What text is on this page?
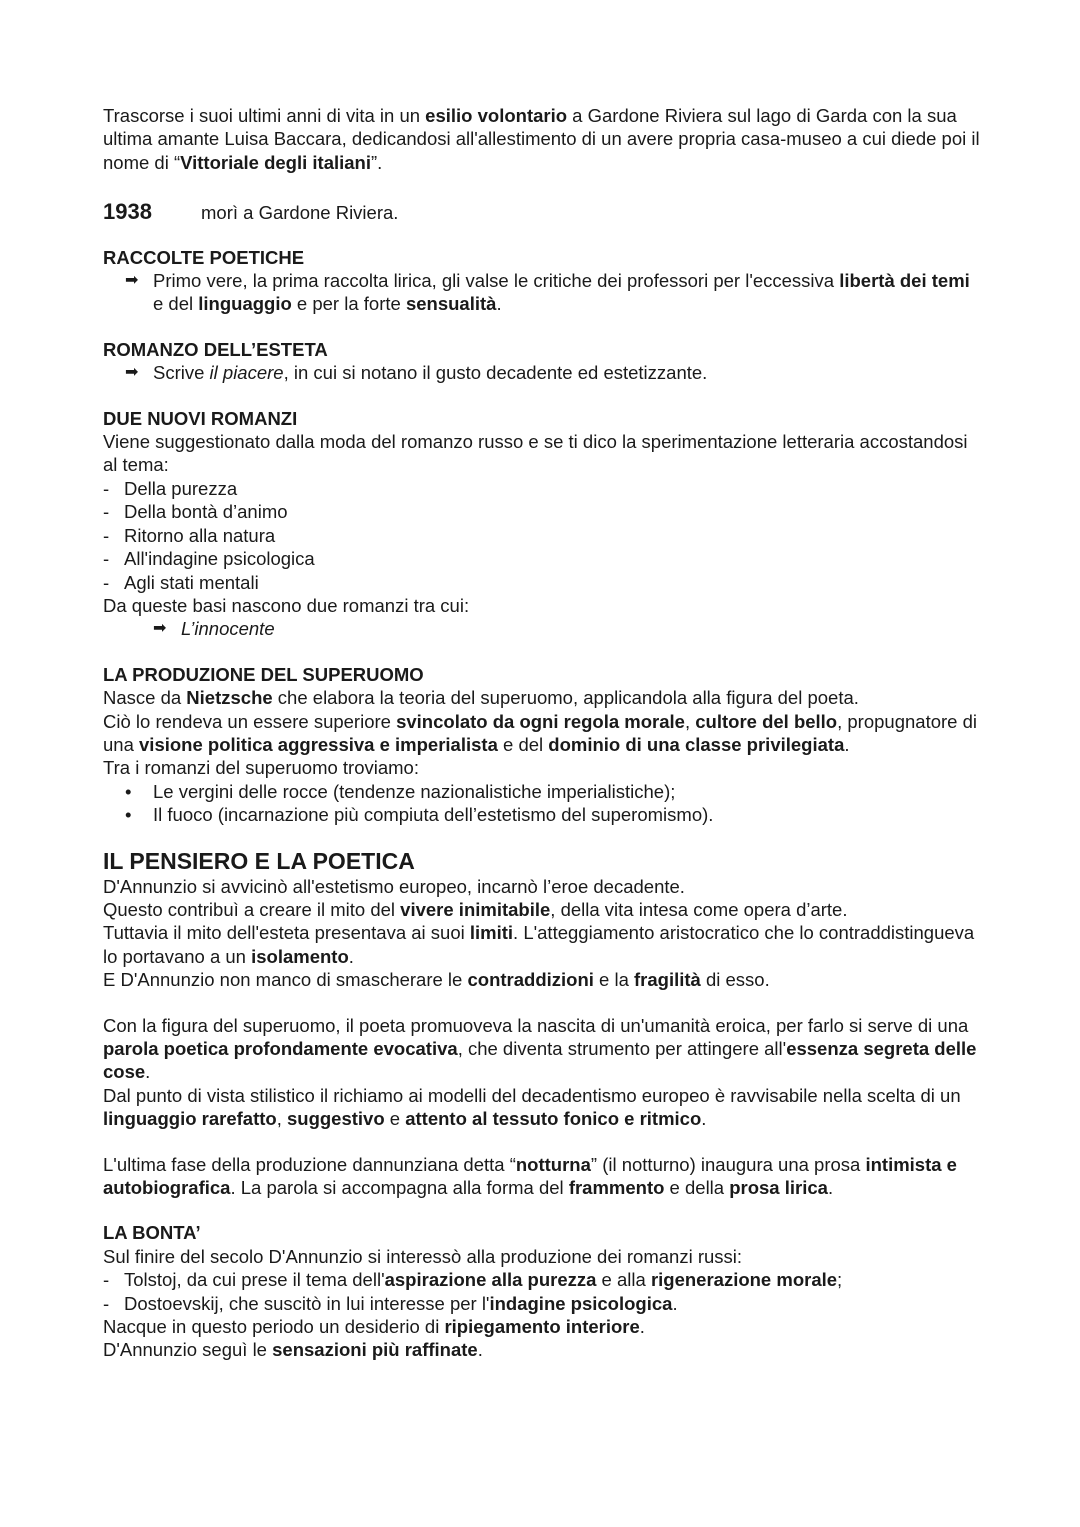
Trascorse i suoi ultimi anni di vita in un esilio volontario a Gardone Riviera sul lago di Garda con la sua ultima amante Luisa Baccara, dedicandosi all'allestimento di un avere propria casa-museo a cui diede poi il nome di “Vittoriale degli italiani”.

1938	morì a Gardone Riviera.

RACCOLTE POETICHE

➡ Primo vere, la prima raccolta lirica, gli valse le critiche dei professori per l'eccessiva libertà dei temi e del linguaggio e per la forte sensualità.

ROMANZO DELL’ESTETA

➡ Scrive il piacere, in cui si notano il gusto decadente ed estetizzante.

DUE NUOVI ROMANZI

Viene suggestionato dalla moda del romanzo russo e se ti dico la sperimentazione letteraria accostandosi al tema:

- Della purezza
- Della bontà d’animo
- Ritorno alla natura
- All'indagine psicologica
- Agli stati mentali

Da queste basi nascono due romanzi tra cui:

➡ L’innocente

LA PRODUZIONE DEL SUPERUOMO

Nasce da Nietzsche che elabora la teoria del superuomo, applicandola alla figura del poeta.

Ciò lo rendeva un essere superiore svincolato da ogni regola morale, cultore del bello, propugnatore di una visione politica aggressiva e imperialista e del dominio di una classe privilegiata.

Tra i romanzi del superuomo troviamo:

•	Le vergini delle rocce (tendenze nazionalistiche imperialistiche);
•	Il fuoco (incarnazione più compiuta dell’estetismo del superomismo).

IL PENSIERO E LA POETICA

D'Annunzio si avvicinò all'estetismo europeo, incarnò l’eroe decadente.

Questo contribuì a creare il mito del vivere inimitabile, della vita intesa come opera d’arte.

Tuttavia il mito dell'esteta presentava ai suoi limiti. L'atteggiamento aristocratico che lo contraddistingueva lo portavano a un isolamento.

E D'Annunzio non manco di smascherare le contraddizioni e la fragilità di esso.

Con la figura del superuomo, il poeta promuoveva la nascita di un'umanità eroica, per farlo si serve di una parola poetica profondamente evocativa, che diventa strumento per attingere all'essenza segreta delle cose.

Dal punto di vista stilistico il richiamo ai modelli del decadentismo europeo è ravvisabile nella scelta di un linguaggio rarefatto, suggestivo e attento al tessuto fonico e ritmico.

L'ultima fase della produzione dannunziana detta “notturna” (il notturno) inaugura una prosa intimista e autobiografica. La parola si accompagna alla forma del frammento e della prosa lirica.

LA BONTA’

Sul finire del secolo D'Annunzio si interessò alla produzione dei romanzi russi:

- Tolstoj, da cui prese il tema dell'aspirazione alla purezza e alla rigenerazione morale;
- Dostoevskij, che suscitò in lui interesse per l'indagine psicologica.

Nacque in questo periodo un desiderio di ripiegamento interiore.

D'Annunzio seguì le sensazioni più raffinate.
